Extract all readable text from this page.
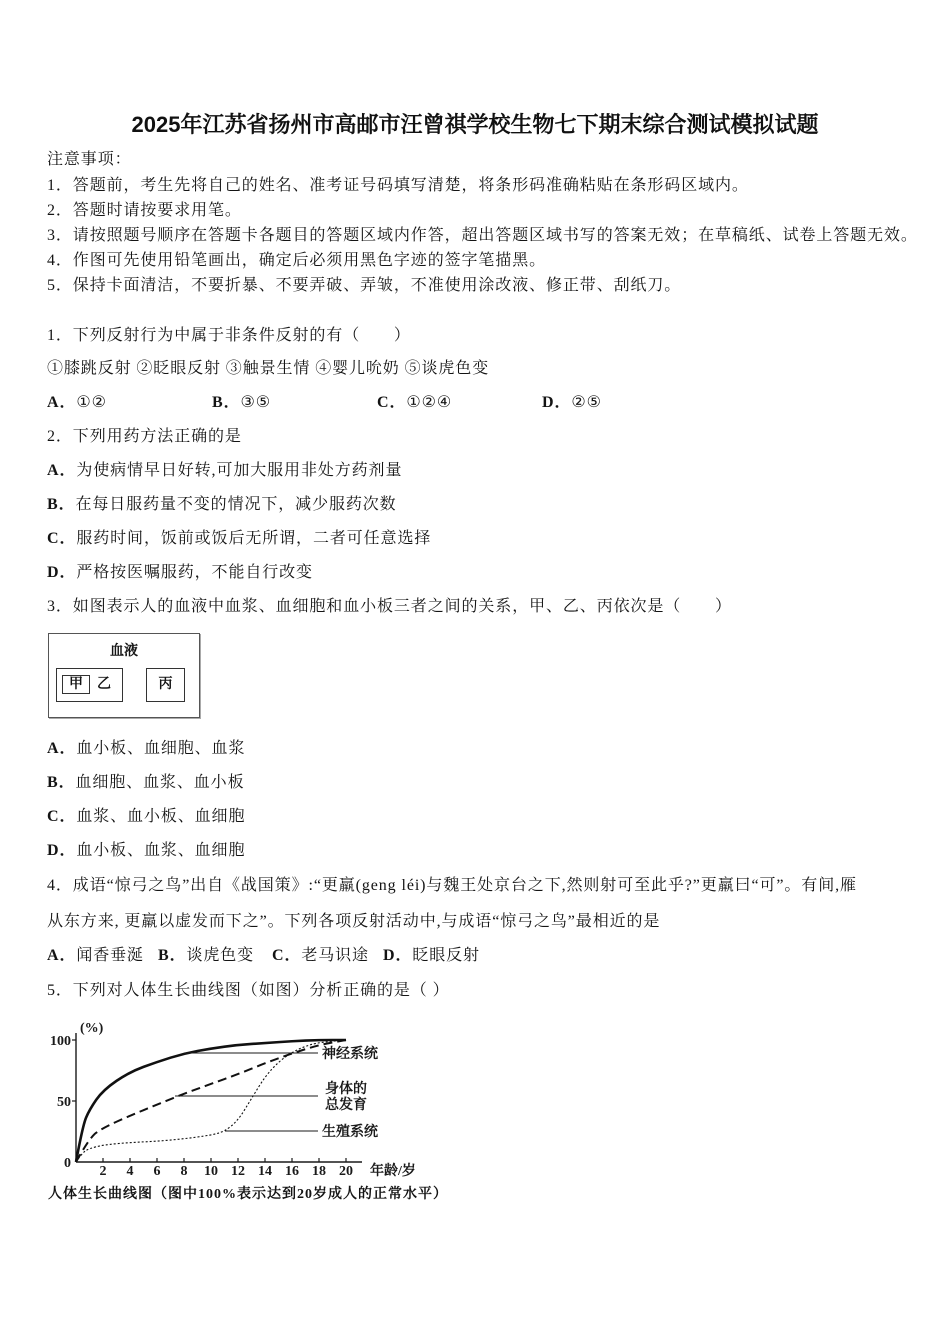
2025年江苏省扬州市高邮市汪曾祺学校生物七下期末综合测试模拟试题
注意事项：
1．答题前，考生先将自己的姓名、准考证号码填写清楚，将条形码准确粘贴在条形码区域内。
2．答题时请按要求用笔。
3．请按照题号顺序在答题卡各题目的答题区域内作答，超出答题区域书写的答案无效；在草稿纸、试卷上答题无效。
4．作图可先使用铅笔画出，确定后必须用黑色字迹的签字笔描黑。
5．保持卡面清洁，不要折暴、不要弄破、弄皱，不准使用涂改液、修正带、刮纸刀。
1．下列反射行为中属于非条件反射的有（　　）
①膝跳反射 ②眨眼反射 ③触景生情 ④婴儿吮奶 ⑤谈虎色变
A．①②	B．③⑤	C．①②④	D．②⑤
2．下列用药方法正确的是
A．为使病情早日好转,可加大服用非处方药剂量
B．在每日服药量不变的情况下，减少服药次数
C．服药时间，饭前或饭后无所谓，二者可任意选择
D．严格按医嘱服药，不能自行改变
3．如图表示人的血液中血浆、血细胞和血小板三者之间的关系，甲、乙、丙依次是（　　）
血液
甲	乙	丙
A．血小板、血细胞、血浆
B．血细胞、血浆、血小板
C．血浆、血小板、血细胞
D．血小板、血浆、血细胞
4．成语“惊弓之鸟”出自《战国策》:“更羸(geng léi)与魏王处京台之下,然则射可至此乎?”更羸曰“可”。有间,雁
从东方来, 更羸以虚发而下之”。下列各项反射活动中,与成语“惊弓之鸟”最相近的是
A．闻香垂涎 B．谈虎色变 C．老马识途 D．眨眼反射
5．下列对人体生长曲线图（如图）分析正确的是（ ）
(%)
年龄/岁
2 4 6 8 10 12 14 16 18 20
0
50
100
神经系统
身体的
总发育
生殖系统
人体生长曲线图（图中100%表示达到20岁成人的正常水平）
